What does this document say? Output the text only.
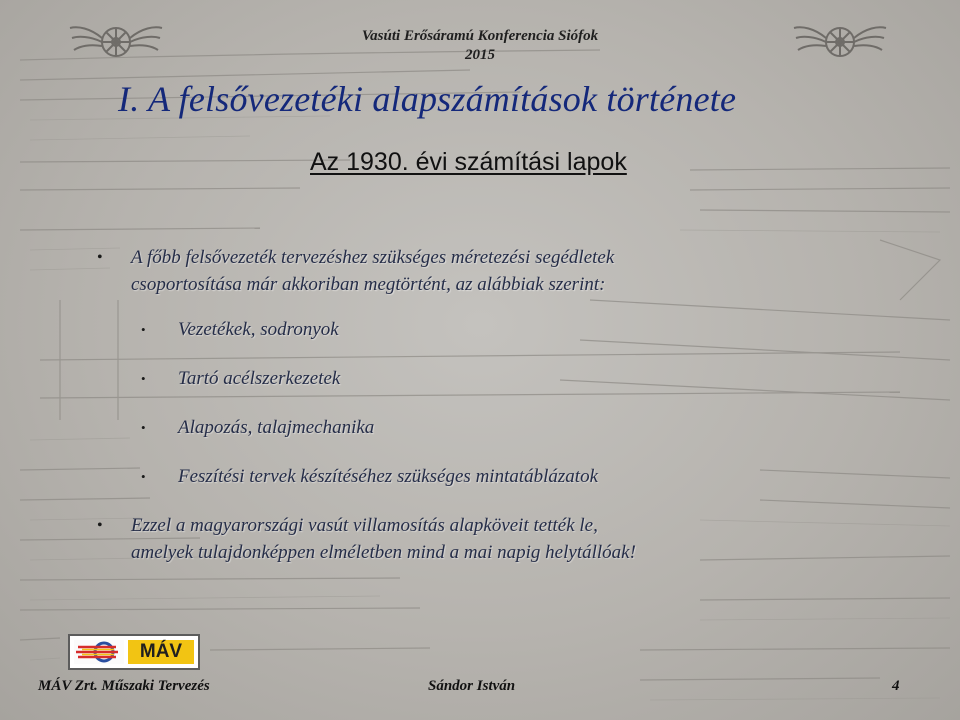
Vasúti Erősáramú Konferencia Siófok
2015
I. A felsővezetéki alapszámítások története
Az 1930. évi számítási lapok
• A főbb felsővezeték tervezéshez szükséges méretezési segédletek
csoportosítása már akkoriban megtörtént, az alábbiak szerint:
• Vezetékek, sodronyok
• Tartó acélszerkezetek
• Alapozás, talajmechanika
• Feszítési tervek készítéséhez szükséges mintatáblázatok
• Ezzel a magyarországi vasút villamosítás alapköveit tették le,
amelyek tulajdonképpen elméletben mind a mai napig helytállóak!
MÁV
MÁV Zrt. Műszaki Tervezés	Sándor István	4
